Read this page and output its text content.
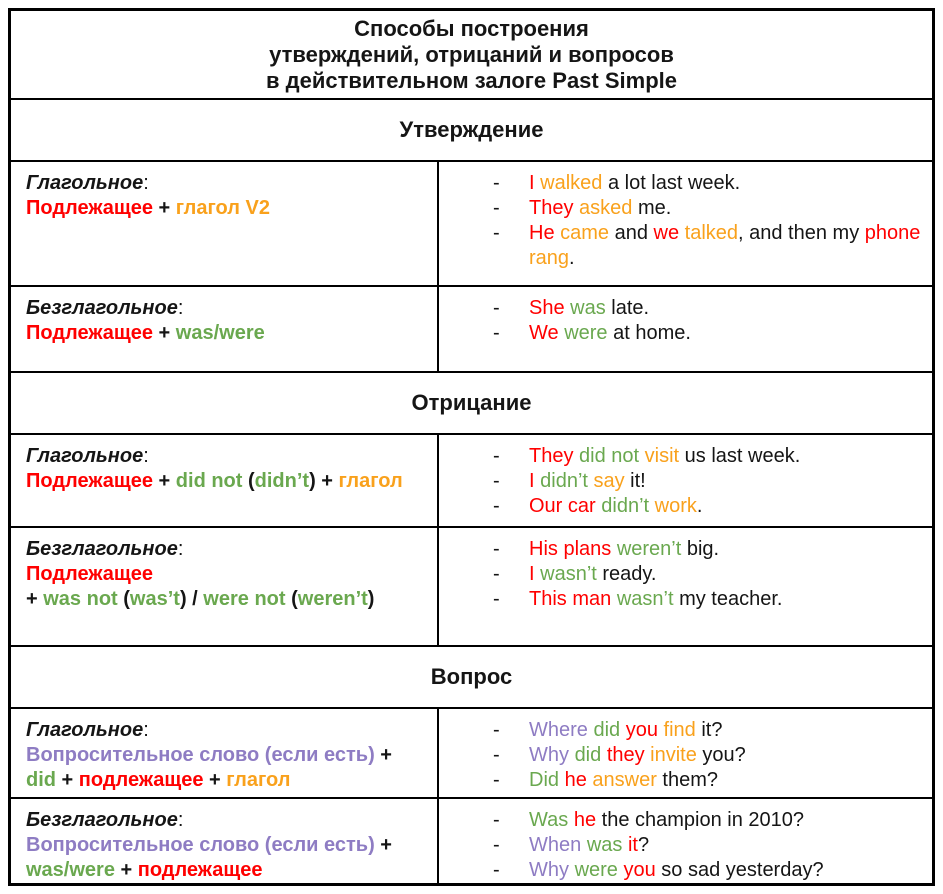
Способы построения
утверждений, отрицаний и вопросов
в действительном залоге Past Simple
Утверждение
Глагольное:
Подлежащее + глагол V2
-	I walked a lot last week.
-	They asked me.
-	He came and we talked, and then my phone rang.
Безглагольное:
Подлежащее + was/were
-	She was late.
-	We were at home.
Отрицание
Глагольное:
Подлежащее + did not (didn’t) + глагол
-	They did not visit us last week.
-	I didn’t say it!
-	Our car didn’t work.
Безглагольное:
Подлежащее
+ was not (was’t) / were not (weren’t)
-	His plans weren’t big.
-	I wasn’t ready.
-	This man wasn’t my teacher.
Вопрос
Глагольное:
Вопросительное слово (если есть) +
did + подлежащее + глагол
-	Where did you find it?
-	Why did they invite you?
-	Did he answer them?
Безглагольное:
Вопросительное слово (если есть) +
was/were + подлежащее
-	Was he the champion in 2010?
-	When was it?
-	Why were you so sad yesterday?
